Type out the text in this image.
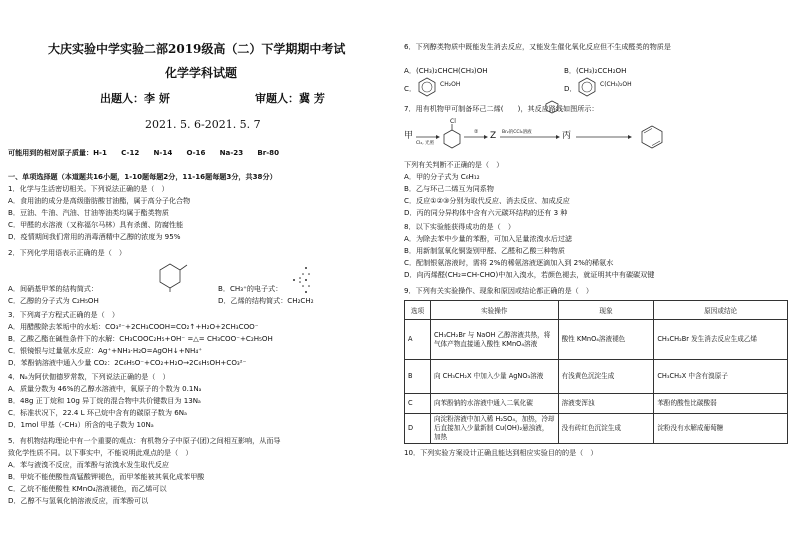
大庆实验中学实验二部2019级高（二）下学期期中考试
化学学科试题
出题人：李 妍	审题人：冀 芳
2021. 5. 6-2021. 5. 7
可能用到的相对原子质量：H-1　　C-12　　N-14　　O-16　　Na-23　　Br-80
一、单项选择题（本道题共16小题，1-10题每题2分，11-16题每题3分，共38分）
1．化学与生活密切相关。下列说法正确的是（　）
A．食用油的成分是高级脂肪酸甘油酯，属于高分子化合物
B．豆油、牛油、汽油、甘油等油类均属于酯类物质
C．甲醛的水溶液（又称福尔马林）具有杀菌、防腐性能
D．疫情期间我们常用的消毒酒精中乙醇的浓度为 95%
2．下列化学用语表示正确的是（　）
A．间硝基甲苯的结构简式：	B．CH₃⁺的电子式：
C．乙醇的分子式为 C₂H₅OH	D．乙烯的结构简式：CH₂CH₂
3．下列离子方程式正确的是（　）
A．用醋酸除去苯垢中的水垢：CO₃²⁻+2CH₃COOH=CO₂↑+H₂O+2CH₃COO⁻
B．乙酸乙酯在碱性条件下的水解：CH₃COOC₂H₅+OH⁻ =△= CH₃COO⁻+C₂H₅OH
C．银镜银与过量氨水反应：Ag⁺+NH₃·H₂O=AgOH↓+NH₄⁺
D．苯酚钠溶液中通入少量 CO₂：2C₆H₅O⁻+CO₂+H₂O→2C₆H₅OH+CO₃²⁻
4．Nₐ为阿伏伽德罗常数，下列说法正确的是（　）
A．质量分数为 46%的乙醇水溶液中，氧原子的个数为 0.1Nₐ
B．48g 正丁烷和 10g 异丁烷的混合物中共价键数目为 13Nₐ
C．标准状况下，22.4 L 环己烷中含有的碳原子数为 6Nₐ
D．1mol 甲基（-CH₃）所含的电子数为 10Nₐ
5．有机物结构理论中有一个重要的观点：有机物分子中原子(团)之间相互影响，从而导
致化学性质不同。以下事实中，不能说明此观点的是（　）
A．苯与液溴不反应，而苯酚与浓溴水发生取代反应
B．甲烷不能使酸性高锰酸钾褪色，而甲苯能被其氧化成苯甲酸
C．乙烷不能使酸性 KMnO₄溶液褪色，而乙烯可以
D．乙醇不与氢氧化钠溶液反应，而苯酚可以
6．下列醇类物质中既能发生消去反应，又能发生催化氧化反应但不生成醛类的物质是
A．(CH₃)₂CHCH(CH₃)OH	B．(CH₃)₂CCH₂OH
C．	CH₂OH	D．	C(CH₃)₂OH
7．用有机物甲可制备环己二烯(　　)，其反应路线如图所示：
甲
Cl₂, 光照
Cl
② Z Br₂的CCl₄溶液	丙
下列有关判断不正确的是（　）
A．甲的分子式为 C₆H₁₂
B．乙与环己二烯互为同系物
C．反应①②③分别为取代反应、消去反应、加成反应
D．丙的同分异构体中含有六元碳环结构的还有 3 种
8．以下实验能获得成功的是（　）
A．为除去苯中少量的苯酚，可加入足量浓溴水后过滤
B．用新制氢氧化铜鉴别甲醛、乙醛和乙酸三种物质
C．配制银氨溶液时，需将 2%的稀氨溶液逐滴加入到 2%的稀氨水
D．向丙烯醛(CH₂=CH-CHO)中加入溴水，若颜色褪去，就证明其中有碳碳双键
9．下列有关实验操作、现象和原因或结论都正确的是（　）
选项	实验操作	现象	原因或结论
A	CH₃CH₂Br 与 NaOH 乙醇溶液共热，将气体产物直接通入酸性 KMnO₄溶液	酸性 KMnO₄溶液褪色	CH₃CH₂Br 发生消去反应生成乙烯
B	向 CH₃CH₂X 中加入少量 AgNO₃溶液	有浅黄色沉淀生成	CH₃CH₂X 中含有溴原子
C	向苯酚钠的水溶液中通入二氧化碳	溶液变浑浊	苯酚的酸性比碳酸弱
D	向淀粉溶液中加入稀 H₂SO₄，加热，冷却后直接加入少量新制 Cu(OH)₂悬浊液，加热	没有砖红色沉淀生成	淀粉没有水解成葡萄糖
10．下列实验方案设计正确且能达到相应实验目的的是（　）
